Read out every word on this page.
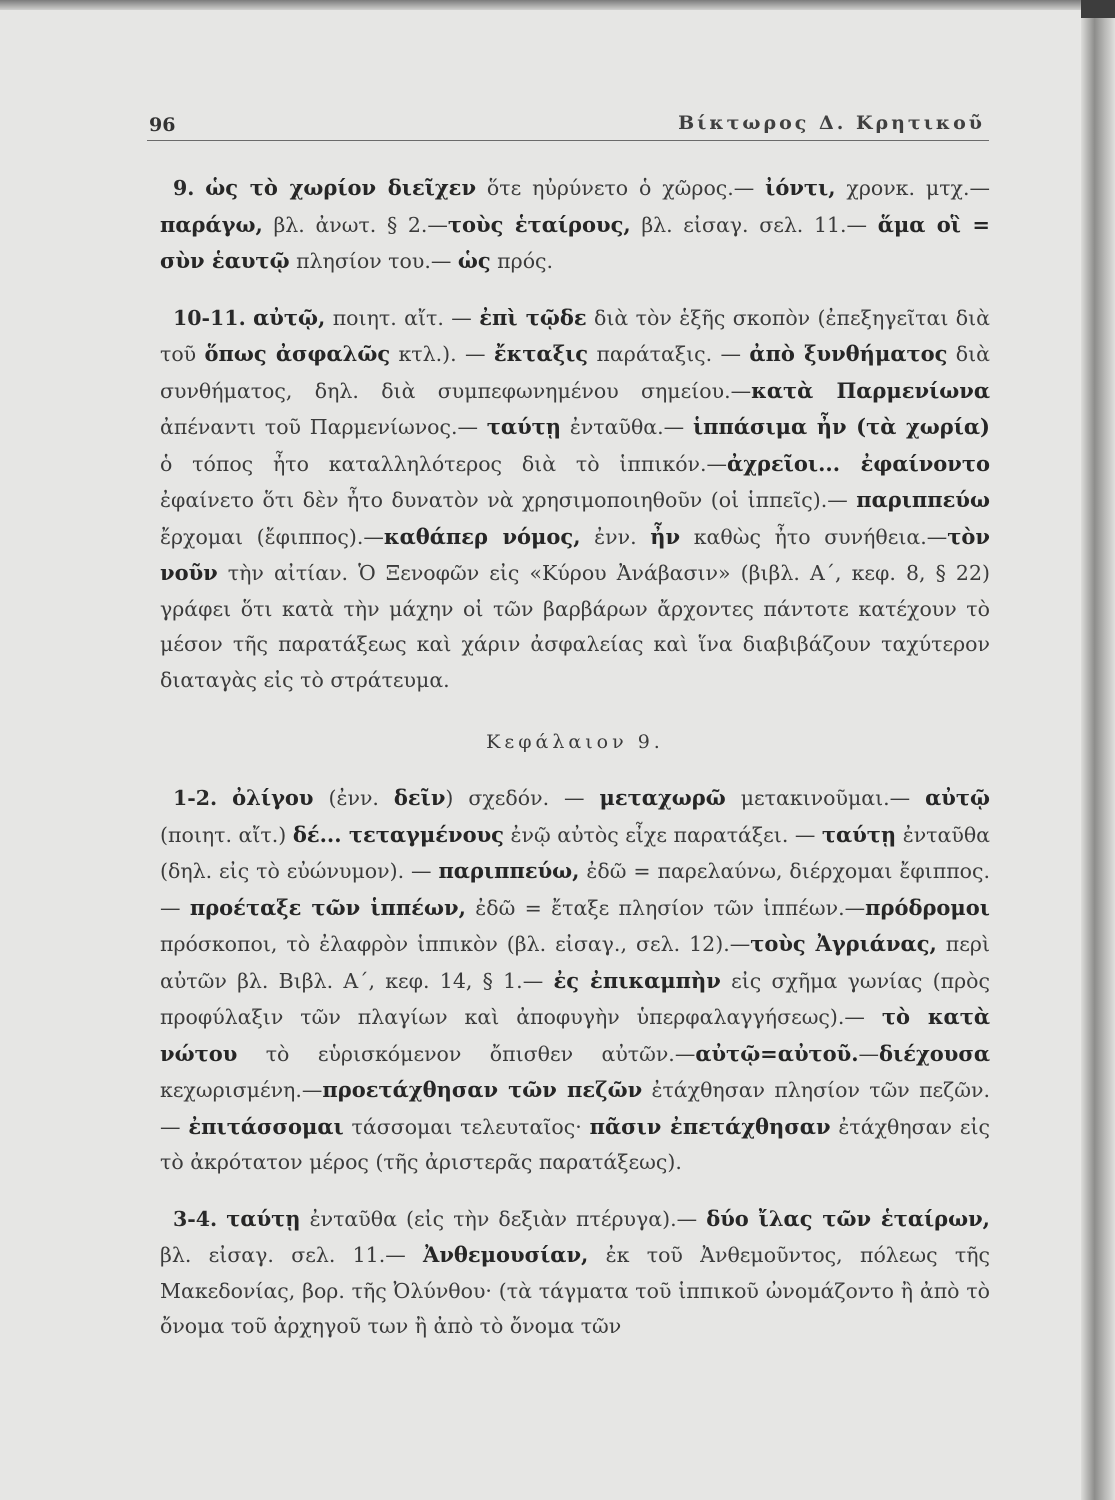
96	Βίκτωρος Δ. Κρητικοῦ

9. ὡς τὸ χωρίον διεῖχεν ὅτε ηὐρύνετο ὁ χῶρος.— ἰόντι, χρονκ. μτχ.—παράγω, βλ. ἀνωτ. § 2.—τοὺς ἑταίρους, βλ. εἰσαγ. σελ. 11.— ἅμα οἳ = σὺν ἑαυτῷ πλησίον του.— ὡς πρός.

10-11. αὐτῷ, ποιητ. αἴτ. — ἐπὶ τῷδε διὰ τὸν ἑξῆς σκοπὸν (ἐπεξηγεῖται διὰ τοῦ ὅπως ἀσφαλῶς κτλ.). — ἔκταξις παράταξις. — ἀπὸ ξυνθήματος διὰ συνθήματος, δηλ. διὰ συμπεφωνημένου σημείου.—κατὰ Παρμενίωνα ἀπέναντι τοῦ Παρμενίωνος.— ταύτῃ ἐνταῦθα.— ἱππάσιμα ἦν (τὰ χωρία) ὁ τόπος ἦτο καταλληλότερος διὰ τὸ ἱππικόν.—ἀχρεῖοι... ἐφαίνοντο ἐφαίνετο ὅτι δὲν ἦτο δυνατὸν νὰ χρησιμοποιηθοῦν (οἱ ἱππεῖς).— παριππεύω ἔρχομαι (ἔφιππος).—καθάπερ νόμος, ἐνν. ἦν καθὼς ἦτο συνήθεια.—τὸν νοῦν τὴν αἰτίαν. Ὁ Ξενοφῶν εἰς «Κύρου Ἀνάβασιν» (βιβλ. Α΄, κεφ. 8, § 22) γράφει ὅτι κατὰ τὴν μάχην οἱ τῶν βαρβάρων ἄρχοντες πάντοτε κατέχουν τὸ μέσον τῆς παρατάξεως καὶ χάριν ἀσφαλείας καὶ ἵνα διαβιβάζουν ταχύτερον διαταγὰς εἰς τὸ στράτευμα.

Κεφάλαιον 9.

1-2. ὀλίγου (ἐνν. δεῖν) σχεδόν. — μεταχωρῶ μετακινοῦμαι.— αὐτῷ (ποιητ. αἴτ.) δέ... τεταγμένους ἐνῷ αὐτὸς εἶχε παρατάξει. — ταύτῃ ἐνταῦθα (δηλ. εἰς τὸ εὐώνυμον). — παριππεύω, ἐδῶ = παρελαύνω, διέρχομαι ἔφιππος. — προέταξε τῶν ἱππέων, ἐδῶ = ἔταξε πλησίον τῶν ἱππέων.—πρόδρομοι πρόσκοποι, τὸ ἐλαφρὸν ἱππικὸν (βλ. εἰσαγ., σελ. 12).—τοὺς Ἀγριάνας, περὶ αὐτῶν βλ. Βιβλ. Α΄, κεφ. 14, § 1.— ἐς ἐπικαμπὴν εἰς σχῆμα γωνίας (πρὸς προφύλαξιν τῶν πλαγίων καὶ ἀποφυγὴν ὑπερφαλαγγήσεως).— τὸ κατὰ νώτου τὸ εὑρισκόμενον ὄπισθεν αὐτῶν.—αὐτῷ=αὐτοῦ.—διέχουσα κεχωρισμένη.—προετάχθησαν τῶν πεζῶν ἐτάχθησαν πλησίον τῶν πεζῶν. — ἐπιτάσσομαι τάσσομαι τελευταῖος· πᾶσιν ἐπετάχθησαν ἐτάχθησαν εἰς τὸ ἀκρότατον μέρος (τῆς ἀριστερᾶς παρατάξεως).

3-4. ταύτῃ ἐνταῦθα (εἰς τὴν δεξιὰν πτέρυγα).— δύο ἴλας τῶν ἑταίρων, βλ. εἰσαγ. σελ. 11.— Ἀνθεμουσίαν, ἐκ τοῦ Ἀνθεμοῦντος, πόλεως τῆς Μακεδονίας, βορ. τῆς Ὀλύνθου· (τὰ τάγματα τοῦ ἱππικοῦ ὠνομάζοντο ἢ ἀπὸ τὸ ὄνομα τοῦ ἀρχηγοῦ των ἢ ἀπὸ τὸ ὄνομα τῶν
